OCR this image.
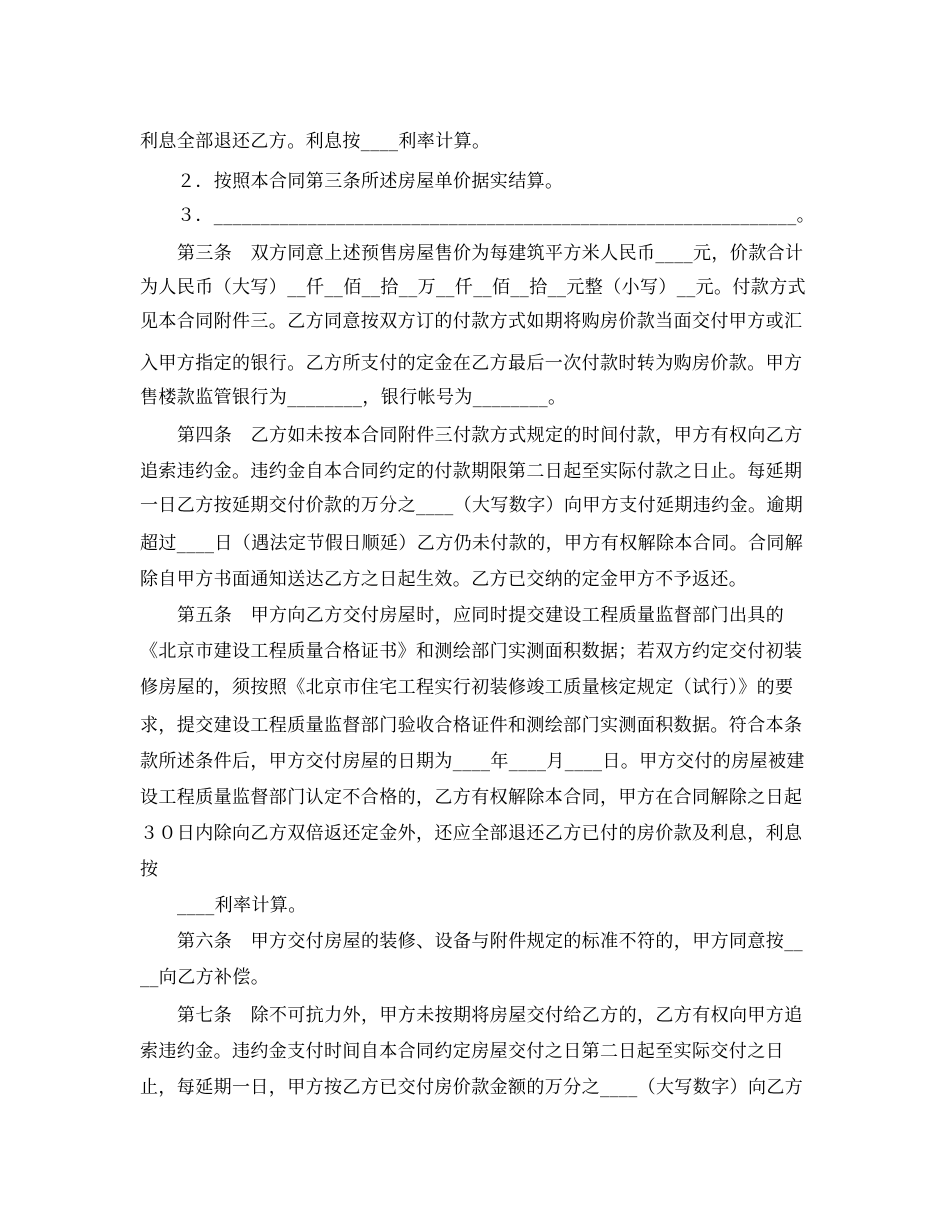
利息全部退还乙方。利息按____利率计算。
２．按照本合同第三条所述房屋单价据实结算。
３．______________________________________________________________。
第三条　双方同意上述预售房屋售价为每建筑平方米人民币____元，价款合计
为人民币（大写）__仟__佰__拾__万__仟__佰__拾__元整（小写）__元。付款方式
见本合同附件三。乙方同意按双方订的付款方式如期将购房价款当面交付甲方或汇
入甲方指定的银行。乙方所支付的定金在乙方最后一次付款时转为购房价款。甲方
售楼款监管银行为________，银行帐号为________。
第四条　乙方如未按本合同附件三付款方式规定的时间付款，甲方有权向乙方
追索违约金。违约金自本合同约定的付款期限第二日起至实际付款之日止。每延期
一日乙方按延期交付价款的万分之____（大写数字）向甲方支付延期违约金。逾期
超过____日（遇法定节假日顺延）乙方仍未付款的，甲方有权解除本合同。合同解
除自甲方书面通知送达乙方之日起生效。乙方已交纳的定金甲方不予返还。
第五条　甲方向乙方交付房屋时，应同时提交建设工程质量监督部门出具的
《北京市建设工程质量合格证书》和测绘部门实测面积数据；若双方约定交付初装
修房屋的，须按照《北京市住宅工程实行初装修竣工质量核定规定（试行）》的要
求，提交建设工程质量监督部门验收合格证件和测绘部门实测面积数据。符合本条
款所述条件后，甲方交付房屋的日期为____年____月____日。甲方交付的房屋被建
设工程质量监督部门认定不合格的，乙方有权解除本合同，甲方在合同解除之日起
３０日内除向乙方双倍返还定金外，还应全部退还乙方已付的房价款及利息，利息
按
____利率计算。
第六条　甲方交付房屋的装修、设备与附件规定的标准不符的，甲方同意按__
__向乙方补偿。
第七条　除不可抗力外，甲方未按期将房屋交付给乙方的，乙方有权向甲方追
索违约金。违约金支付时间自本合同约定房屋交付之日第二日起至实际交付之日
止，每延期一日，甲方按乙方已交付房价款金额的万分之____（大写数字）向乙方
